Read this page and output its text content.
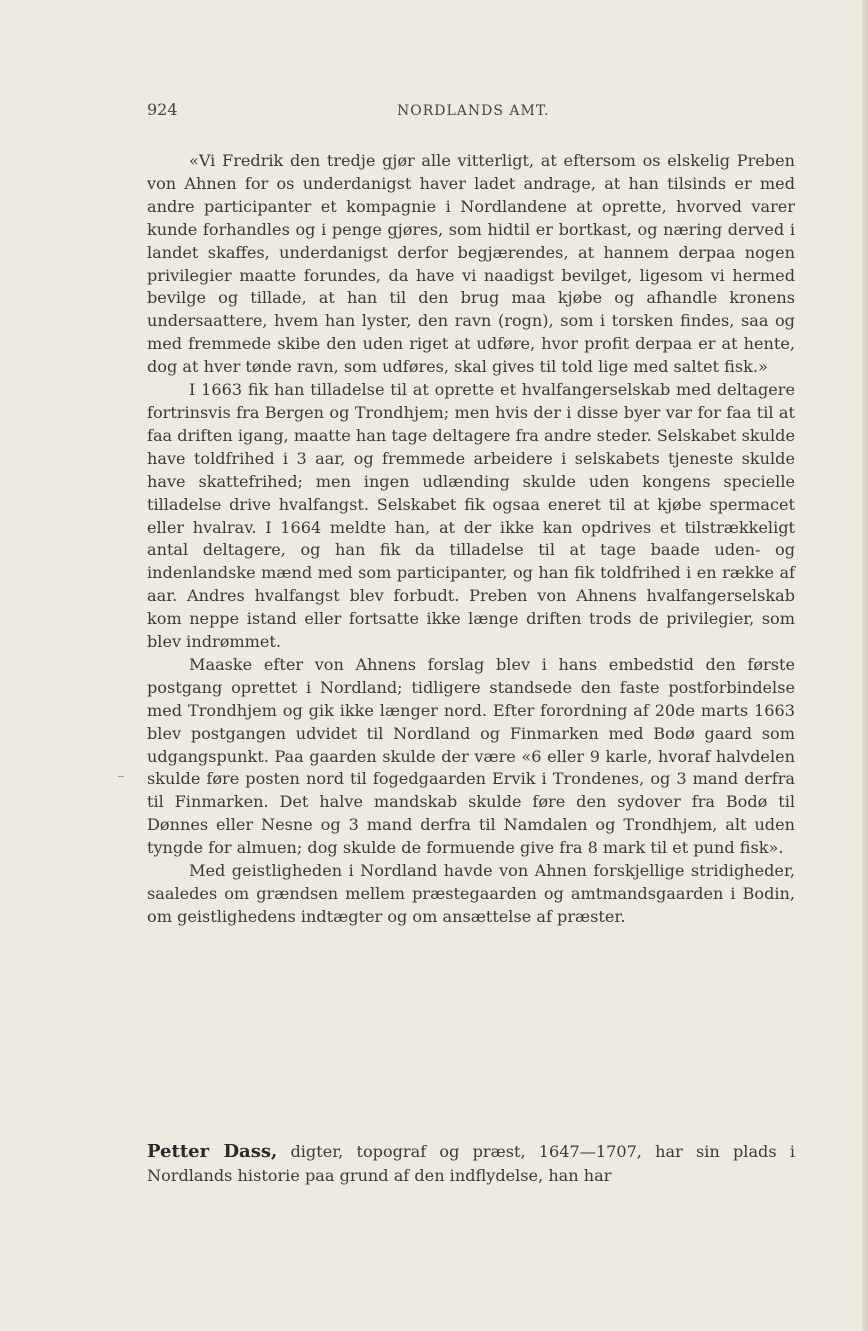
924	NORDLANDS AMT.

«Vi Fredrik den tredje gjør alle vitterligt, at eftersom os elskelig Preben von Ahnen for os underdanigst haver ladet andrage, at han tilsinds er med andre participanter et kompagnie i Nordlandene at oprette, hvorved varer kunde forhandles og i penge gjøres, som hidtil er bortkast, og næring derved i landet skaffes, underdanigst derfor begjærendes, at hannem derpaa nogen privilegier maatte forundes, da have vi naadigst bevilget, ligesom vi hermed bevilge og tillade, at han til den brug maa kjøbe og afhandle kronens undersaattere, hvem han lyster, den ravn (rogn), som i torsken findes, saa og med fremmede skibe den uden riget at udføre, hvor profit derpaa er at hente, dog at hver tønde ravn, som udføres, skal gives til told lige med saltet fisk.»

I 1663 fik han tilladelse til at oprette et hvalfangerselskab med deltagere fortrinsvis fra Bergen og Trondhjem; men hvis der i disse byer var for faa til at faa driften igang, maatte han tage deltagere fra andre steder. Selskabet skulde have toldfrihed i 3 aar, og fremmede arbeidere i selskabets tjeneste skulde have skattefrihed; men ingen udlænding skulde uden kongens specielle tilladelse drive hvalfangst. Selskabet fik ogsaa eneret til at kjøbe spermacet eller hvalrav. I 1664 meldte han, at der ikke kan opdrives et tilstrækkeligt antal deltagere, og han fik da tilladelse til at tage baade uden- og indenlandske mænd med som participanter, og han fik toldfrihed i en række af aar. Andres hvalfangst blev forbudt. Preben von Ahnens hvalfangerselskab kom neppe istand eller fortsatte ikke længe driften trods de privilegier, som blev indrømmet.

Maaske efter von Ahnens forslag blev i hans embedstid den første postgang oprettet i Nordland; tidligere standsede den faste postforbindelse med Trondhjem og gik ikke længer nord. Efter forordning af 20de marts 1663 blev postgangen udvidet til Nordland og Finmarken med Bodø gaard som udgangspunkt. Paa gaarden skulde der være «6 eller 9 karle, hvoraf halvdelen skulde føre posten nord til fogedgaarden Ervik i Trondenes, og 3 mand derfra til Finmarken. Det halve mandskab skulde føre den sydover fra Bodø til Dønnes eller Nesne og 3 mand derfra til Namdalen og Trondhjem, alt uden tyngde for almuen; dog skulde de formuende give fra 8 mark til et pund fisk».

Med geistligheden i Nordland havde von Ahnen forskjellige stridigheder, saaledes om grændsen mellem præstegaarden og amtmandsgaarden i Bodin, om geistlighedens indtægter og om ansættelse af præster.

Petter Dass, digter, topograf og præst, 1647—1707, har sin plads i Nordlands historie paa grund af den indflydelse, han har
